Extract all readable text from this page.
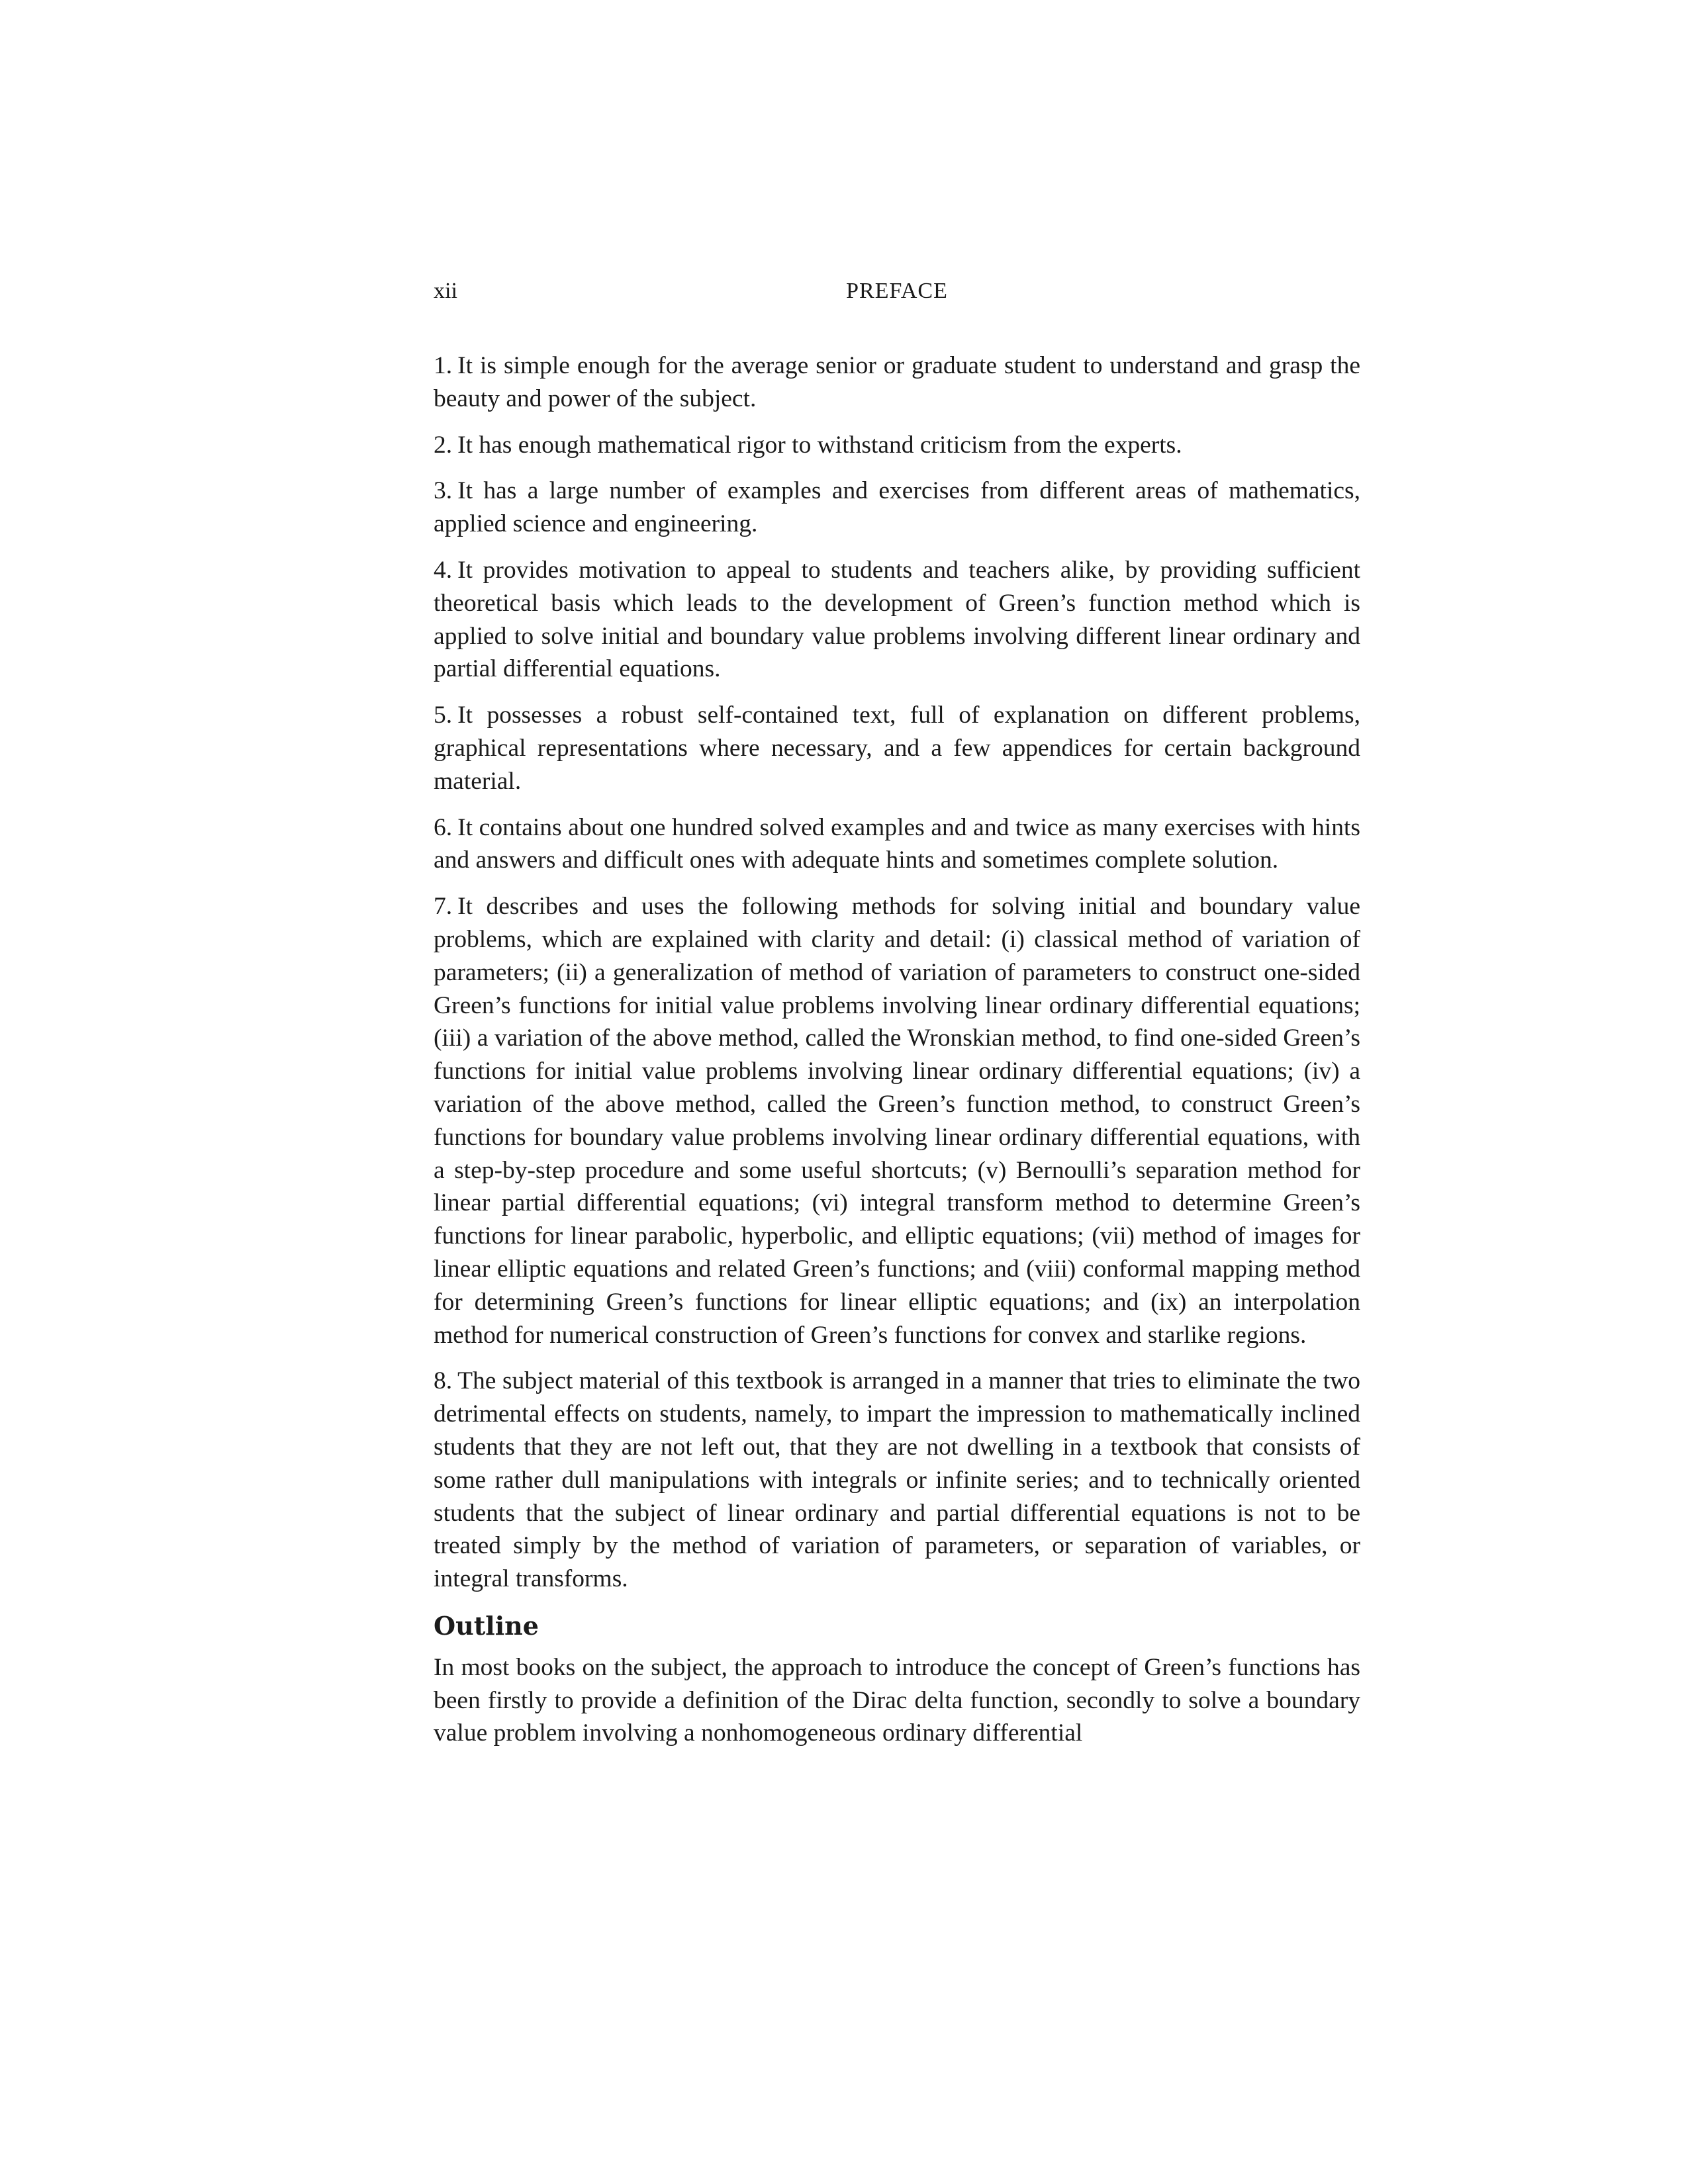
xii	PREFACE

1. It is simple enough for the average senior or graduate student to understand and grasp the beauty and power of the subject.

2. It has enough mathematical rigor to withstand criticism from the experts.

3. It has a large number of examples and exercises from different areas of mathematics, applied science and engineering.

4. It provides motivation to appeal to students and teachers alike, by providing sufficient theoretical basis which leads to the development of Green’s function method which is applied to solve initial and boundary value problems involving different linear ordinary and partial differential equations.

5. It possesses a robust self-contained text, full of explanation on different problems, graphical representations where necessary, and a few appendices for certain background material.

6. It contains about one hundred solved examples and and twice as many exercises with hints and answers and difficult ones with adequate hints and sometimes complete solution.

7. It describes and uses the following methods for solving initial and boundary value problems, which are explained with clarity and detail: (i) classical method of variation of parameters; (ii) a generalization of method of variation of parameters to construct one-sided Green’s functions for initial value problems involving linear ordinary differential equations; (iii) a variation of the above method, called the Wronskian method, to find one-sided Green’s functions for initial value problems involving linear ordinary differential equations; (iv) a variation of the above method, called the Green’s function method, to construct Green’s functions for boundary value problems involving linear ordinary differential equations, with a step-by-step procedure and some useful shortcuts; (v) Bernoulli’s separation method for linear partial differential equations; (vi) integral transform method to determine Green’s functions for linear parabolic, hyperbolic, and elliptic equations; (vii) method of images for linear elliptic equations and related Green’s functions; and (viii) conformal mapping method for determining Green’s functions for linear elliptic equations; and (ix) an interpolation method for numerical construction of Green’s functions for convex and starlike regions.

8. The subject material of this textbook is arranged in a manner that tries to eliminate the two detrimental effects on students, namely, to impart the impression to mathematically inclined students that they are not left out, that they are not dwelling in a textbook that consists of some rather dull manipulations with integrals or infinite series; and to technically oriented students that the subject of linear ordinary and partial differential equations is not to be treated simply by the method of variation of parameters, or separation of variables, or integral transforms.

Outline

In most books on the subject, the approach to introduce the concept of Green’s functions has been firstly to provide a definition of the Dirac delta function, secondly to solve a boundary value problem involving a nonhomogeneous ordinary differential
